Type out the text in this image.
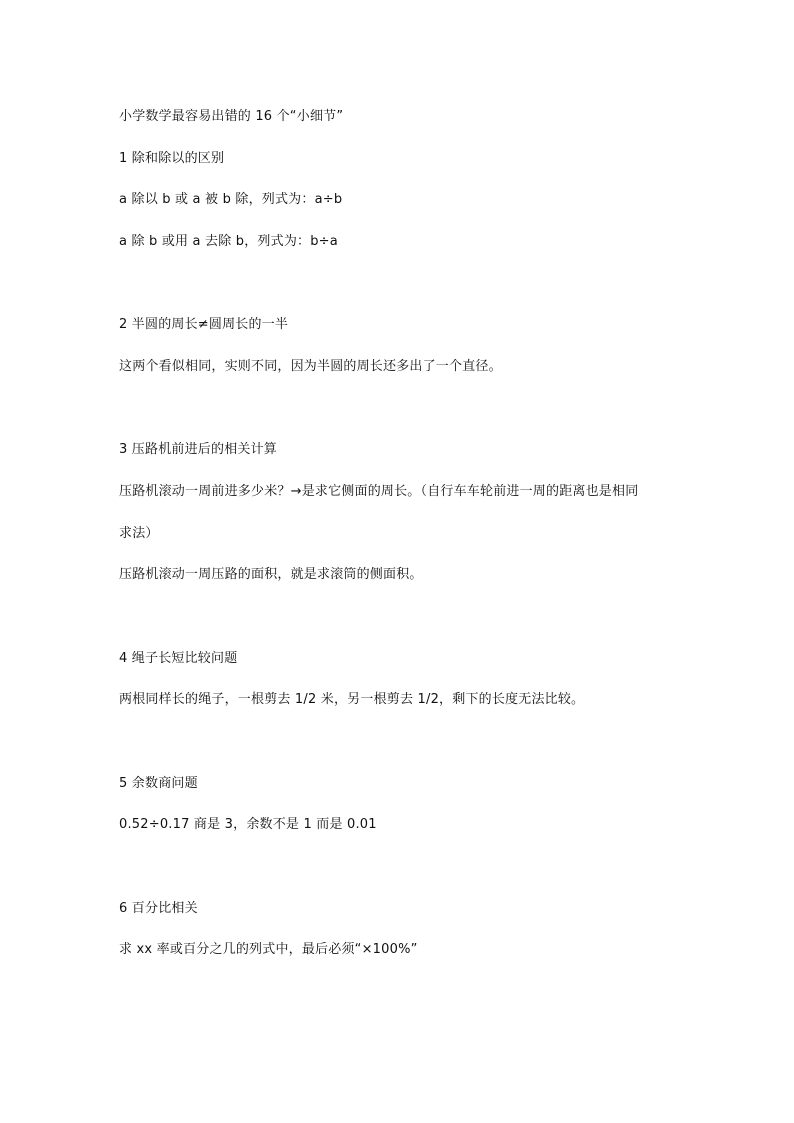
小学数学最容易出错的 16 个“小细节”
1 除和除以的区别
a 除以 b 或 a 被 b 除，列式为：a÷b
a 除 b 或用 a 去除 b，列式为：b÷a
2 半圆的周长≠圆周长的一半
这两个看似相同，实则不同，因为半圆的周长还多出了一个直径。
3 压路机前进后的相关计算
压路机滚动一周前进多少米？→是求它侧面的周长。（自行车车轮前进一周的距离也是相同
求法）
压路机滚动一周压路的面积，就是求滚筒的侧面积。
4 绳子长短比较问题
两根同样长的绳子，一根剪去 1/2 米，另一根剪去 1/2，剩下的长度无法比较。
5 余数商问题
0.52÷0.17 商是 3，余数不是 1 而是 0.01
6 百分比相关
求 xx 率或百分之几的列式中，最后必须“×100%”
